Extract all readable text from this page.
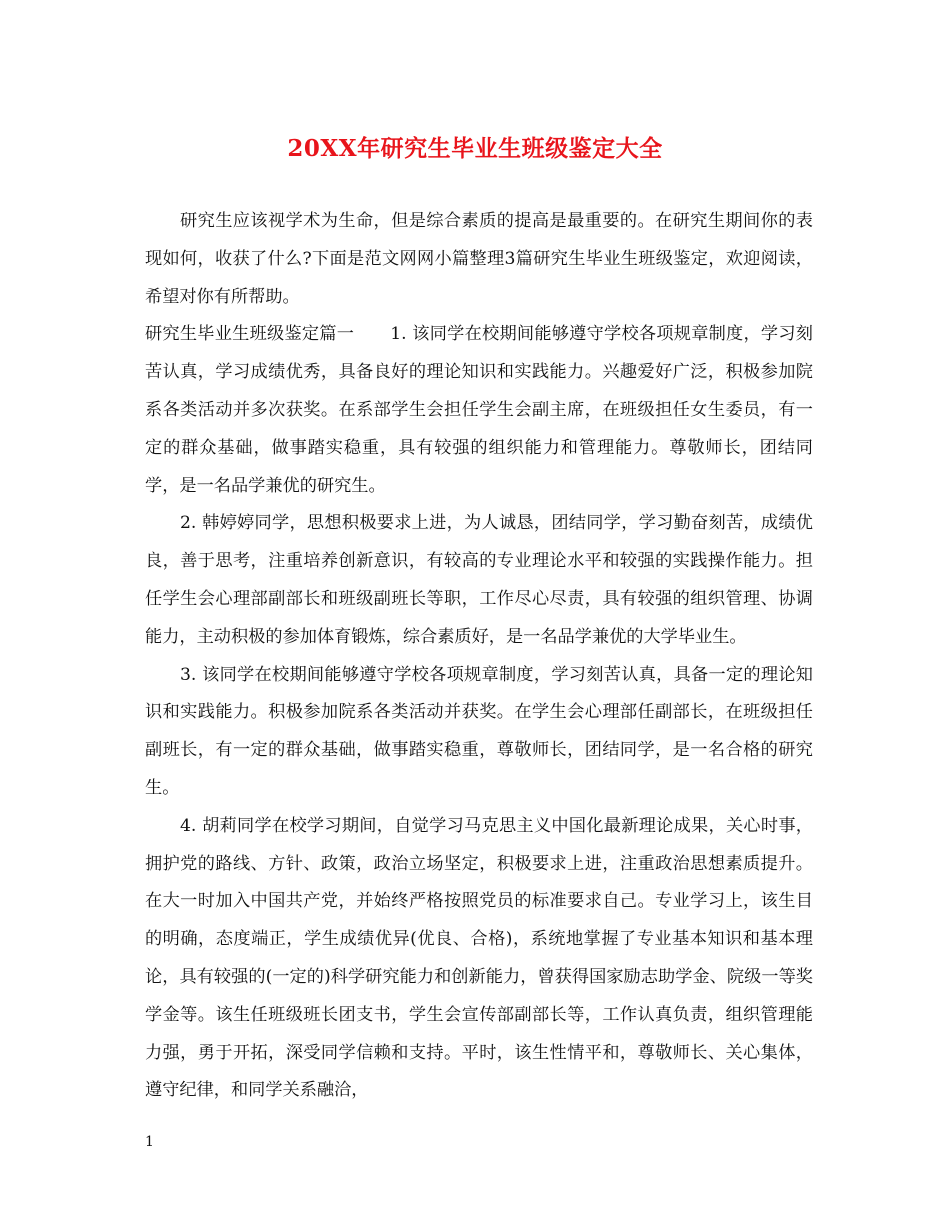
20XX年研究生毕业生班级鉴定大全

研究生应该视学术为生命，但是综合素质的提高是最重要的。在研究生期间你的表现如何，收获了什么?下面是范文网网小篇整理3篇研究生毕业生班级鉴定，欢迎阅读，希望对你有所帮助。

研究生毕业生班级鉴定篇一 1. 该同学在校期间能够遵守学校各项规章制度，学习刻苦认真，学习成绩优秀，具备良好的理论知识和实践能力。兴趣爱好广泛，积极参加院系各类活动并多次获奖。在系部学生会担任学生会副主席，在班级担任女生委员，有一定的群众基础，做事踏实稳重，具有较强的组织能力和管理能力。尊敬师长，团结同学，是一名品学兼优的研究生。

2. 韩婷婷同学，思想积极要求上进，为人诚恳，团结同学，学习勤奋刻苦，成绩优良，善于思考，注重培养创新意识，有较高的专业理论水平和较强的实践操作能力。担任学生会心理部副部长和班级副班长等职，工作尽心尽责，具有较强的组织管理、协调能力，主动积极的参加体育锻炼，综合素质好，是一名品学兼优的大学毕业生。

3. 该同学在校期间能够遵守学校各项规章制度，学习刻苦认真，具备一定的理论知识和实践能力。积极参加院系各类活动并获奖。在学生会心理部任副部长，在班级担任副班长，有一定的群众基础，做事踏实稳重，尊敬师长，团结同学，是一名合格的研究生。

4. 胡莉同学在校学习期间，自觉学习马克思主义中国化最新理论成果，关心时事，拥护党的路线、方针、政策，政治立场坚定，积极要求上进，注重政治思想素质提升。在大一时加入中国共产党，并始终严格按照党员的标准要求自己。专业学习上，该生目的明确，态度端正，学生成绩优异(优良、合格)，系统地掌握了专业基本知识和基本理论，具有较强的(一定的)科学研究能力和创新能力，曾获得国家励志助学金、院级一等奖学金等。该生任班级班长团支书，学生会宣传部副部长等，工作认真负责，组织管理能力强，勇于开拓，深受同学信赖和支持。平时，该生性情平和，尊敬师长、关心集体，遵守纪律，和同学关系融洽，

1
